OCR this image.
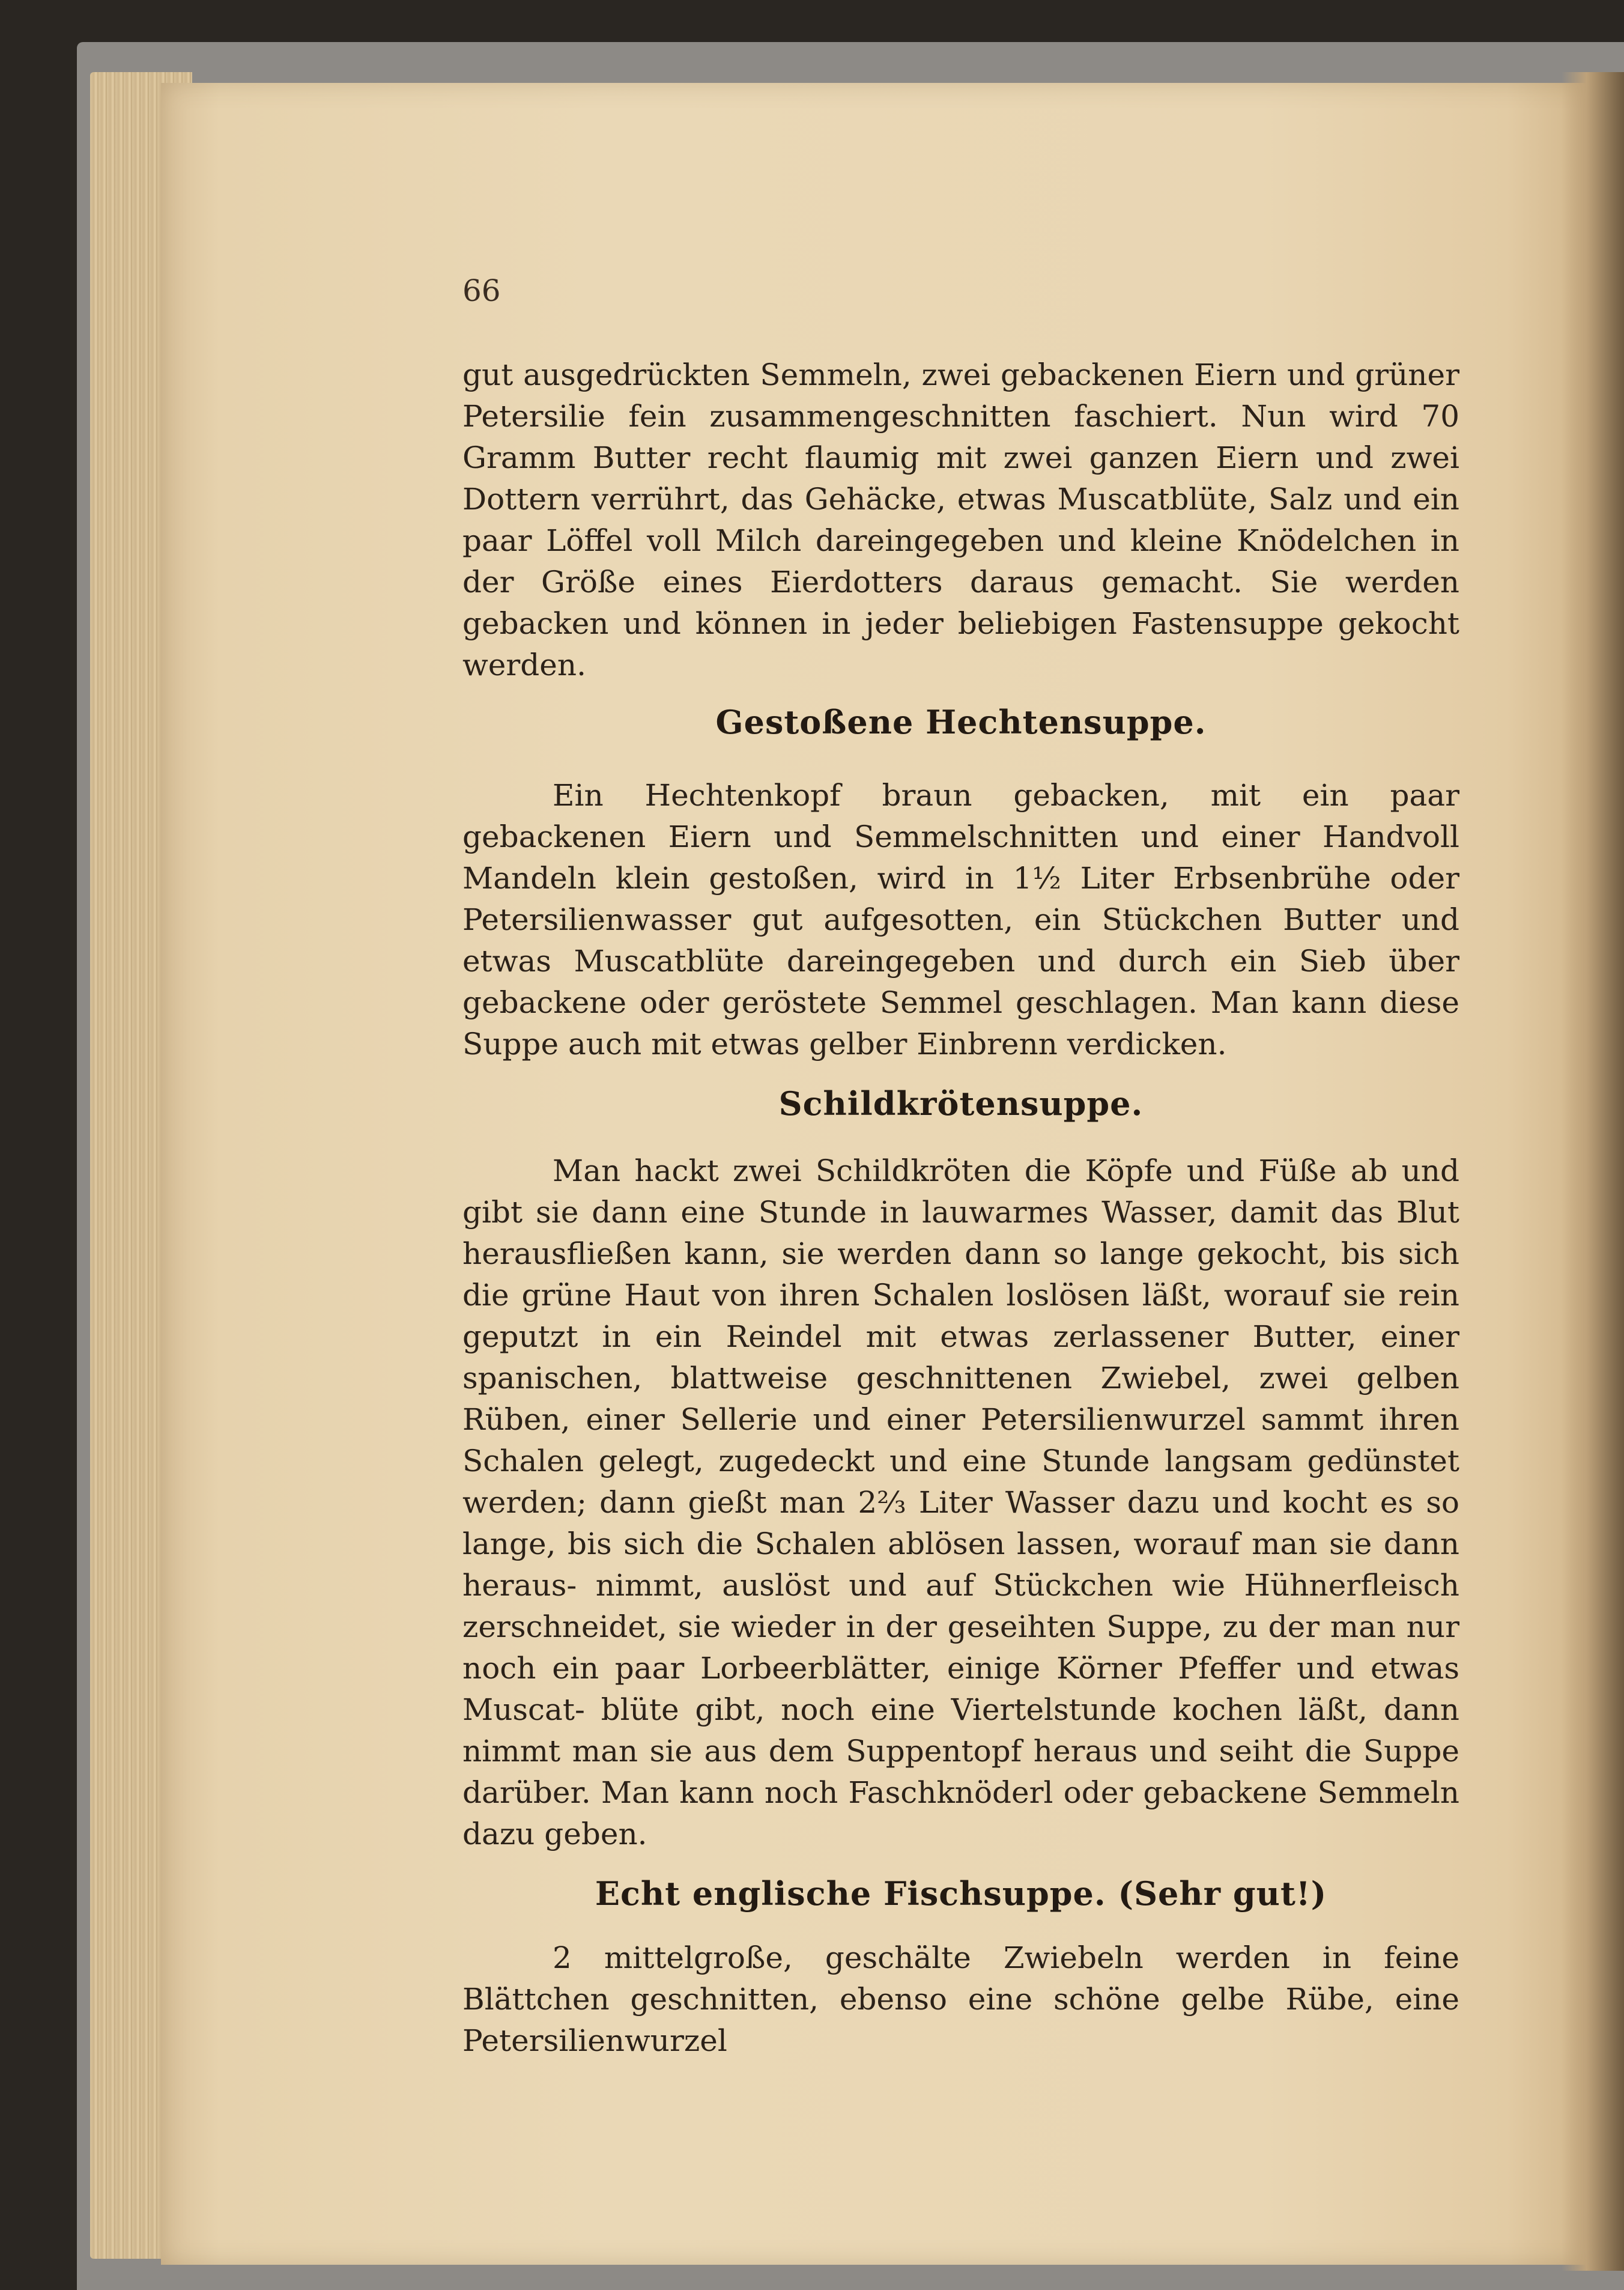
66
gut ausgedrückten Semmeln, zwei gebackenen Eiern und grüner Petersilie fein zusammengeschnitten faschiert. Nun wird 70 Gramm Butter recht flaumig mit zwei ganzen Eiern und zwei Dottern verrührt, das Gehäcke, etwas Muscatblüte, Salz und ein paar Löffel voll Milch dareingegeben und kleine Knödelchen in der Größe eines Eierdotters daraus gemacht. Sie werden gebacken und können in jeder beliebigen Fastensuppe gekocht werden.
Gestoßene Hechtensuppe.
Ein Hechtenkopf braun gebacken, mit ein paar gebackenen Eiern und Semmelschnitten und einer Handvoll Mandeln klein gestoßen, wird in 1½ Liter Erbsenbrühe oder Petersilienwasser gut aufgesotten, ein Stückchen Butter und etwas Muscatblüte dareingegeben und durch ein Sieb über gebackene oder geröstete Semmel geschlagen. Man kann diese Suppe auch mit etwas gelber Einbrenn verdicken.
Schildkrötensuppe.
Man hackt zwei Schildkröten die Köpfe und Füße ab und gibt sie dann eine Stunde in lauwarmes Wasser, damit das Blut herausfließen kann, sie werden dann so lange gekocht, bis sich die grüne Haut von ihren Schalen loslösen läßt, worauf sie rein geputzt in ein Reindel mit etwas zerlassener Butter, einer spanischen, blattweise geschnittenen Zwiebel, zwei gelben Rüben, einer Sellerie und einer Petersilienwurzel sammt ihren Schalen gelegt, zugedeckt und eine Stunde langsam gedünstet werden; dann gießt man 2⅔ Liter Wasser dazu und kocht es so lange, bis sich die Schalen ablösen lassen, worauf man sie dann heraus- nimmt, auslöst und auf Stückchen wie Hühnerfleisch zerschneidet, sie wieder in der geseihten Suppe, zu der man nur noch ein paar Lorbeerblätter, einige Körner Pfeffer und etwas Muscat- blüte gibt, noch eine Viertelstunde kochen läßt, dann nimmt man sie aus dem Suppentopf heraus und seiht die Suppe darüber. Man kann noch Faschknöderl oder gebackene Semmeln dazu geben.
Echt englische Fischsuppe. (Sehr gut!)
2 mittelgroße, geschälte Zwiebeln werden in feine Blättchen geschnitten, ebenso eine schöne gelbe Rübe, eine Petersilienwurzel
